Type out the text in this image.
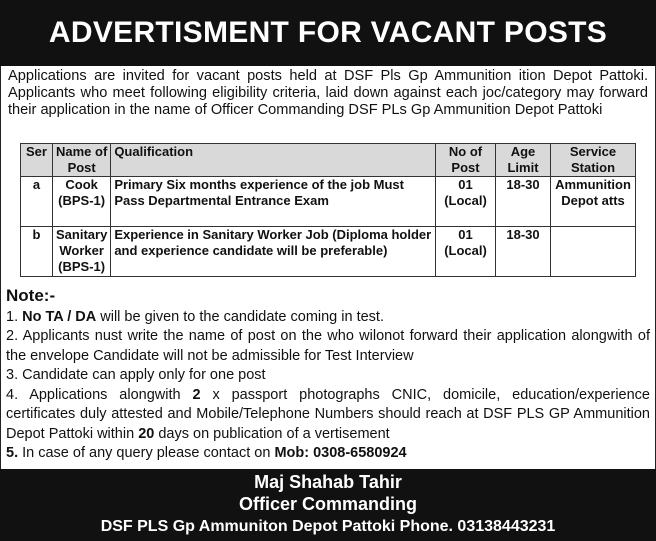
ADVERTISMENT FOR VACANT POSTS
Applications are invited for vacant posts held at DSF Pls Gp Ammunition ition Depot Pattoki. Applicants who meet following eligibility criteria, laid down against each joc/category may forward their application in the name of Officer Commanding DSF PLs Gp Ammunition Depot Pattoki
Ser	Name of Post	Qualification	No of Post	Age Limit	Service Station
a	Cook (BPS-1)	Primary Six months experience of the job Must Pass Departmental Entrance Exam	01 (Local)	18-30	Ammunition Depot atts
b	Sanitary Worker (BPS-1)	Experience in Sanitary Worker Job (Diploma holder and experience candidate will be preferable)	01 (Local)	18-30	
Note:-
1. No TA / DA will be given to the candidate coming in test.
2. Applicants nust write the name of post on the who wilonot forward their application alongwith of the envelope Candidate will not be admissible for Test Interview
3. Candidate can apply only for one post
4. Applications alongwith 2 x passport photographs CNIC, domicile, education/experience certificates duly attested and Mobile/Telephone Numbers should reach at DSF PLS GP Ammunition Depot Pattoki within 20 days on publication of a vertisement
5. In case of any query please contact on Mob: 0308-6580924
Maj Shahab Tahir
Officer Commanding
DSF PLS Gp Ammuniton Depot Pattoki Phone. 03138443231
